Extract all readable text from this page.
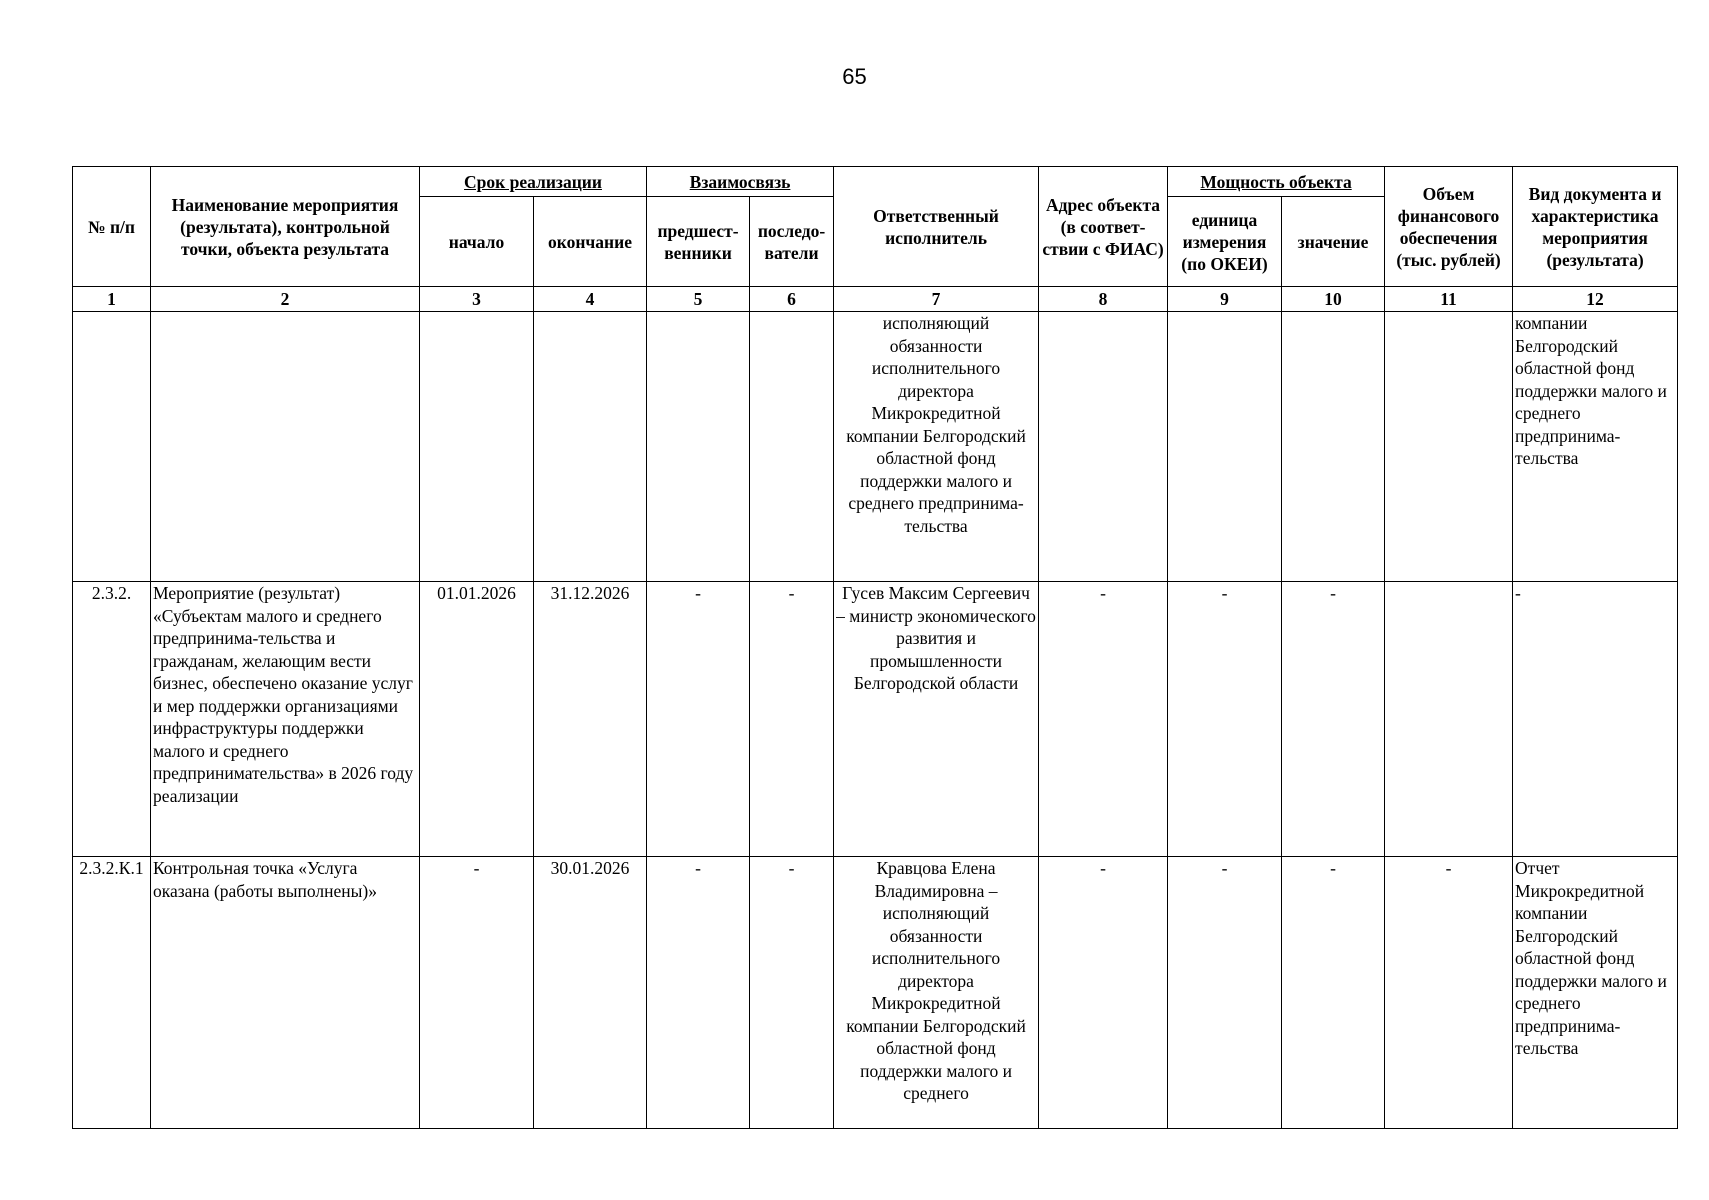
65
№ п/п	Наименование мероприятия (результата), контрольной точки, объекта результата	Срок реализации		Взаимосвязь		Ответственный исполнитель	Адрес объекта (в соответ-ствии с ФИАС)	Мощность объекта		Объем финансового обеспечения (тыс. рублей)	Вид документа и характеристика мероприятия (результата)
		начало	окончание	предшест-венники	последо-ватели			единица измерения (по ОКЕИ)	значение		
1	2	3	4	5	6	7	8	9	10	11	12
						исполняющий обязанности исполнительного директора Микрокредитной компании Белгородский областной фонд поддержки малого и среднего предпринима-тельства					компании Белгородский областной фонд поддержки малого и среднего предпринима-тельства
2.3.2.	Мероприятие (результат) «Субъектам малого и среднего предпринима-тельства и гражданам, желающим вести бизнес, обеспечено оказание услуг и мер поддержки организациями инфраструктуры поддержки малого и среднего предпринимательства» в 2026 году реализации	01.01.2026	31.12.2026	-	-	Гусев Максим Сергеевич – министр экономического развития и промышленности Белгородской области	-	-	-		-
2.3.2.К.1	Контрольная точка «Услуга оказана (работы выполнены)»	-	30.01.2026	-	-	Кравцова Елена Владимировна – исполняющий обязанности исполнительного директора Микрокредитной компании Белгородский областной фонд поддержки малого и среднего	-	-	-	-	Отчет Микрокредитной компании Белгородский областной фонд поддержки малого и среднего предпринима-тельства
